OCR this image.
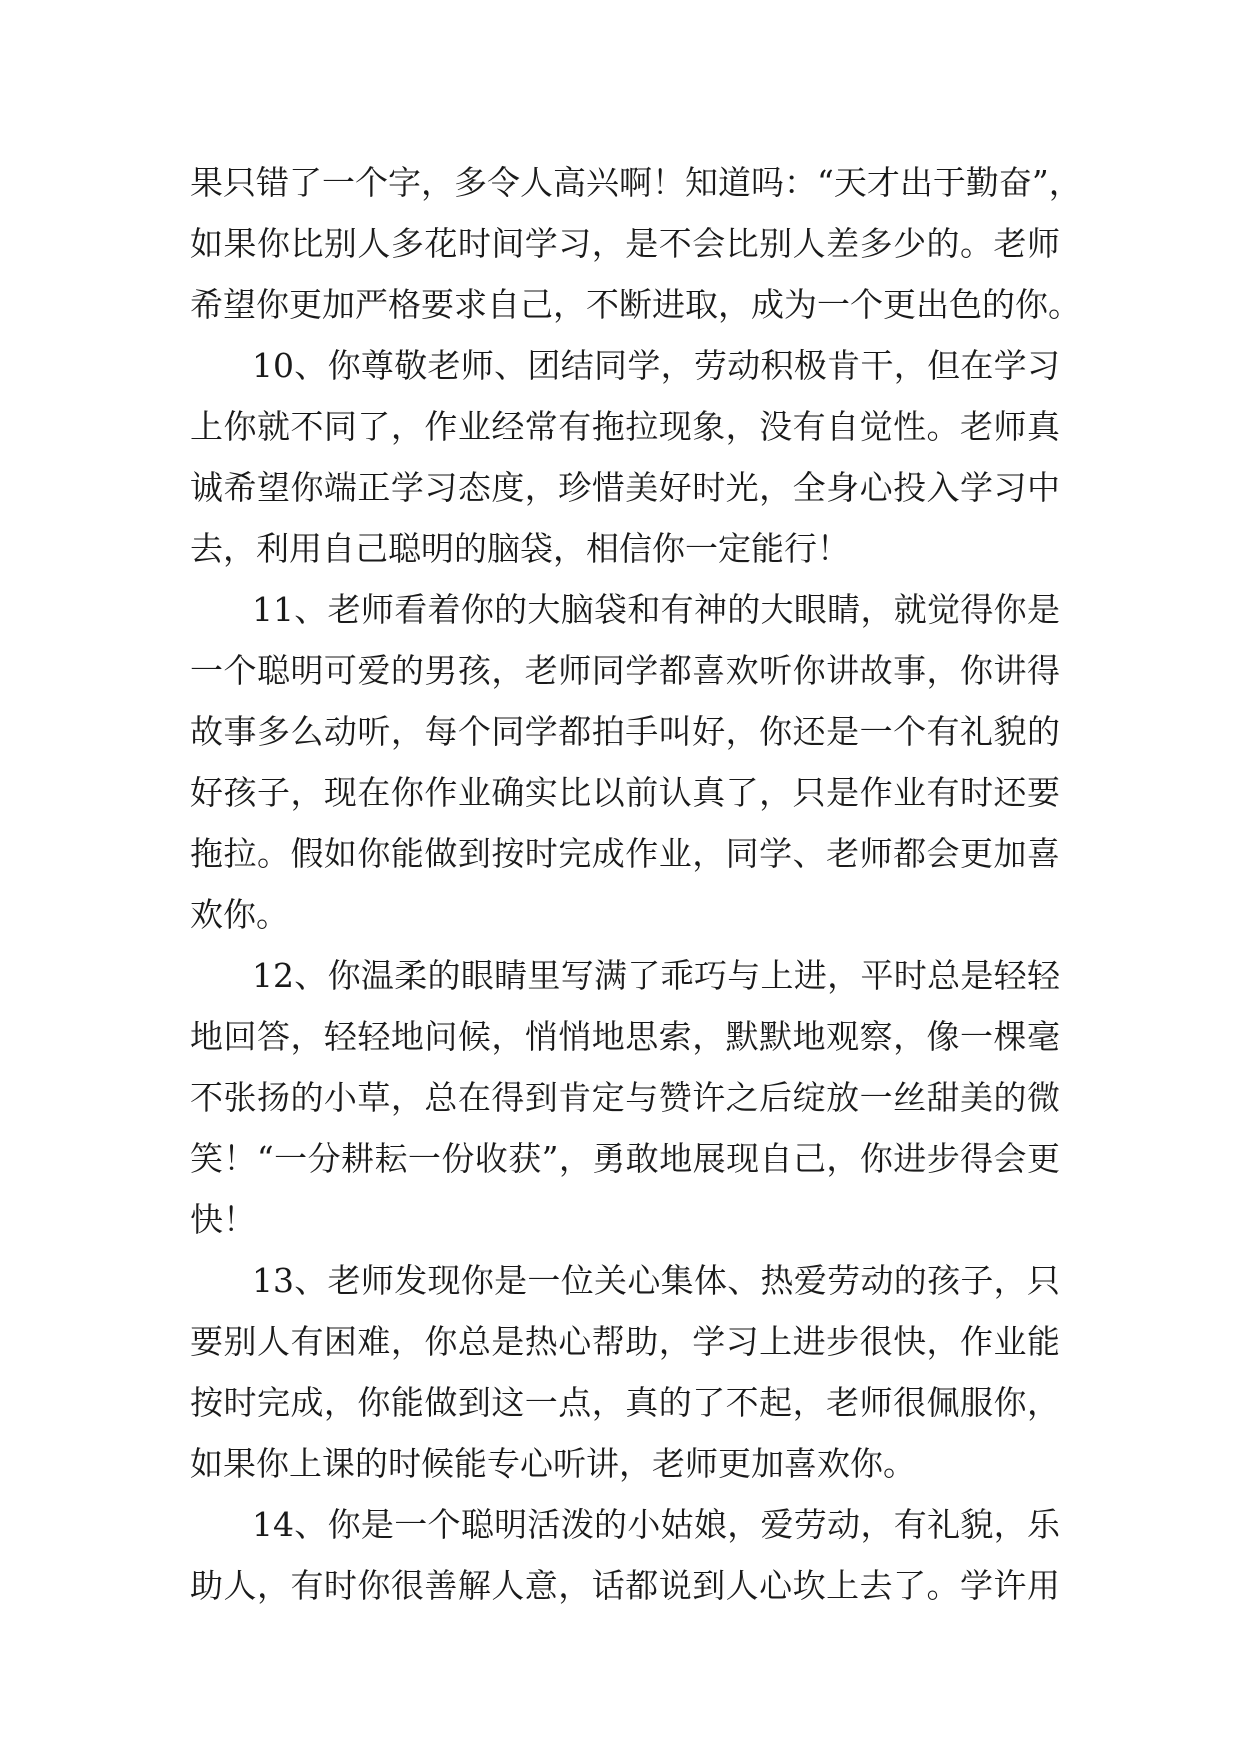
果只错了一个字，多令人高兴啊！知道吗：“天才出于勤奋”，
如果你比别人多花时间学习，是不会比别人差多少的。老师
希望你更加严格要求自己，不断进取，成为一个更出色的你。
10、你尊敬老师、团结同学，劳动积极肯干，但在学习
上你就不同了，作业经常有拖拉现象，没有自觉性。老师真
诚希望你端正学习态度，珍惜美好时光，全身心投入学习中
去，利用自己聪明的脑袋，相信你一定能行！
11、老师看着你的大脑袋和有神的大眼睛，就觉得你是
一个聪明可爱的男孩，老师同学都喜欢听你讲故事，你讲得
故事多么动听，每个同学都拍手叫好，你还是一个有礼貌的
好孩子，现在你作业确实比以前认真了，只是作业有时还要
拖拉。假如你能做到按时完成作业，同学、老师都会更加喜
欢你。
12、你温柔的眼睛里写满了乖巧与上进，平时总是轻轻
地回答，轻轻地问候，悄悄地思索，默默地观察，像一棵毫
不张扬的小草，总在得到肯定与赞许之后绽放一丝甜美的微
笑！“一分耕耘一份收获”，勇敢地展现自己，你进步得会更
快！
13、老师发现你是一位关心集体、热爱劳动的孩子，只
要别人有困难，你总是热心帮助，学习上进步很快，作业能
按时完成，你能做到这一点，真的了不起，老师很佩服你，
如果你上课的时候能专心听讲，老师更加喜欢你。
14、你是一个聪明活泼的小姑娘，爱劳动，有礼貌，乐
助人，有时你很善解人意，话都说到人心坎上去了。学许用
